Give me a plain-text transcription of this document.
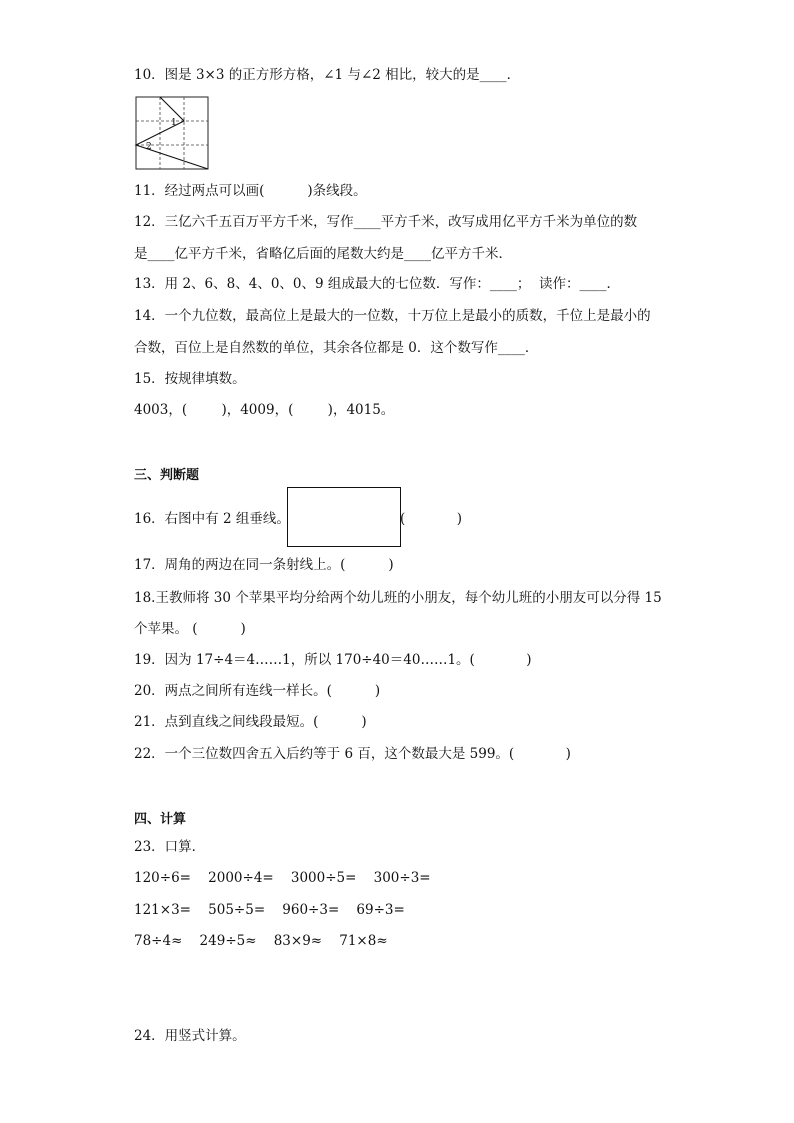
10．图是 3×3 的正方形方格，∠1 与∠2 相比，较大的是____．
1
2
11．经过两点可以画(          )条线段。
12．三亿六千五百万平方千米，写作____平方千米，改写成用亿平方千米为单位的数
是____亿平方千米，省略亿后面的尾数大约是____亿平方千米．
13．用 2、6、8、4、0、0、9 组成最大的七位数．写作：____；  读作：____．
14．一个九位数，最高位上是最大的一位数，十万位上是最小的质数，千位上是最小的
合数，百位上是自然数的单位，其余各位都是 0．这个数写作____．
15．按规律填数。
4003，(        )，4009，(        )，4015。
三、判断题
16．右图中有 2 组垂线。	(            )
17．周角的两边在同一条射线上。(          )
18.王教师将 30 个苹果平均分给两个幼儿班的小朋友，每个幼儿班的小朋友可以分得 15
个苹果。 (          )
19．因为 17÷4＝4……1，所以 170÷40＝40……1。(            )
20．两点之间所有连线一样长。(          )
21．点到直线之间线段最短。(          )
22．一个三位数四舍五入后约等于 6 百，这个数最大是 599。(            )
四、计算
23．口算．
120÷6=    2000÷4=    3000÷5=    300÷3=
121×3=    505÷5=    960÷3=    69÷3=
78÷4≈    249÷5≈    83×9≈    71×8≈
24．用竖式计算。
